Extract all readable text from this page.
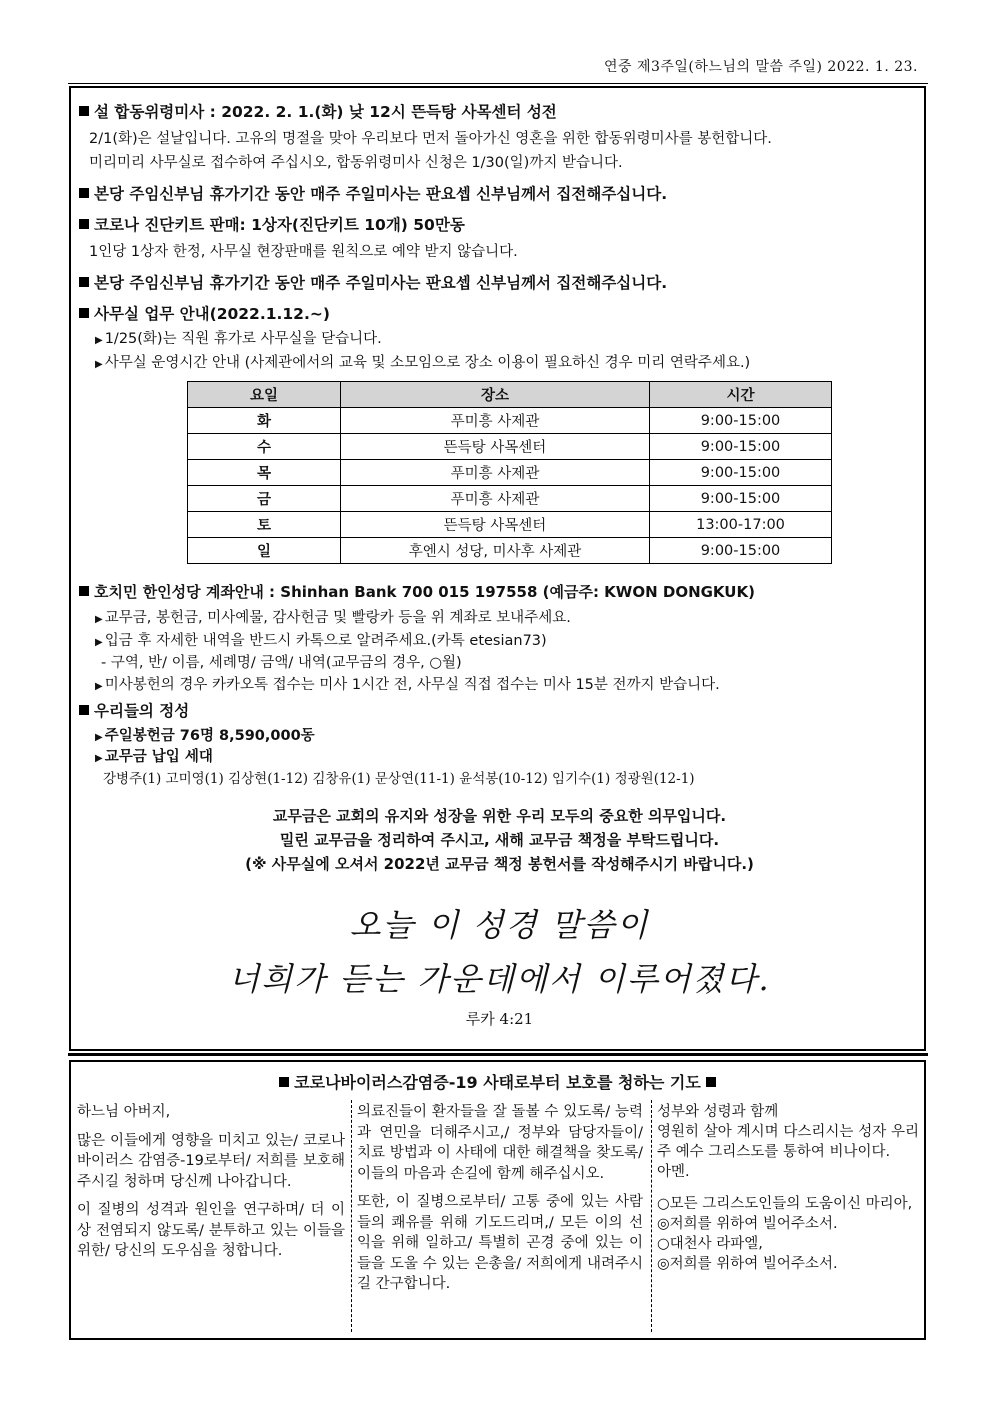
연중 제3주일(하느님의 말씀 주일) 2022. 1. 23.
설 합동위령미사 : 2022. 2. 1.(화) 낮 12시 뜬득탕 사목센터 성전
2/1(화)은 설날입니다. 고유의 명절을 맞아 우리보다 먼저 돌아가신 영혼을 위한 합동위령미사를 봉헌합니다.
미리미리 사무실로 접수하여 주십시오, 합동위령미사 신청은 1/30(일)까지 받습니다.
본당 주임신부님 휴가기간 동안 매주 주일미사는 판요셉 신부님께서 집전해주십니다.
코로나 진단키트 판매: 1상자(진단키트 10개) 50만동
1인당 1상자 한정, 사무실 현장판매를 원칙으로 예약 받지 않습니다.
본당 주임신부님 휴가기간 동안 매주 주일미사는 판요셉 신부님께서 집전해주십니다.
사무실 업무 안내(2022.1.12.~)
▶ 1/25(화)는 직원 휴가로 사무실을 닫습니다.
▶ 사무실 운영시간 안내 (사제관에서의 교육 및 소모임으로 장소 이용이 필요하신 경우 미리 연락주세요.)
요일	장소	시간
화	푸미흥 사제관	9:00-15:00
수	뜬득탕 사목센터	9:00-15:00
목	푸미흥 사제관	9:00-15:00
금	푸미흥 사제관	9:00-15:00
토	뜬득탕 사목센터	13:00-17:00
일	후엔시 성당, 미사후 사제관	9:00-15:00
호치민 한인성당 계좌안내 : Shinhan Bank 700 015 197558 (예금주: KWON DONGKUK)
▶ 교무금, 봉헌금, 미사예물, 감사헌금 및 빨랑카 등을 위 계좌로 보내주세요.
▶ 입금 후 자세한 내역을 반드시 카톡으로 알려주세요.(카톡 etesian73)
- 구역, 반/ 이름, 세례명/ 금액/ 내역(교무금의 경우, ○월)
▶ 미사봉헌의 경우 카카오톡 접수는 미사 1시간 전, 사무실 직접 접수는 미사 15분 전까지 받습니다.
우리들의 정성
▶ 주일봉헌금 76명 8,590,000동
▶ 교무금 납입 세대
강병주(1) 고미영(1) 김상현(1-12) 김창유(1) 문상연(11-1) 윤석봉(10-12) 임기수(1) 정광원(12-1)
교무금은 교회의 유지와 성장을 위한 우리 모두의 중요한 의무입니다.
밀린 교무금을 정리하여 주시고, 새해 교무금 책정을 부탁드립니다.
(※ 사무실에 오셔서 2022년 교무금 책정 봉헌서를 작성해주시기 바랍니다.)
오늘 이 성경 말씀이
너희가 듣는 가운데에서 이루어졌다.
루카 4:21
코로나바이러스감염증-19 사태로부터 보호를 청하는 기도

하느님 아버지,

많은 이들에게 영향을 미치고 있는/ 코로나 바이러스 감염증-19로부터/ 저희를 보호해주시길 청하며 당신께 나아갑니다.

이 질병의 성격과 원인을 연구하며/ 더 이상 전염되지 않도록/ 분투하고 있는 이들을 위한/ 당신의 도우심을 청합니다.

의료진들이 환자들을 잘 돌볼 수 있도록/ 능력과 연민을 더해주시고,/ 정부와 담당자들이/ 치료 방법과 이 사태에 대한 해결책을 찾도록/ 이들의 마음과 손길에 함께 해주십시오.

또한, 이 질병으로부터/ 고통 중에 있는 사람들의 쾌유를 위해 기도드리며,/ 모든 이의 선익을 위해 일하고/ 특별히 곤경 중에 있는 이들을 도울 수 있는 은총을/ 저희에게 내려주시길 간구합니다.

성부와 성령과 함께
영원히 살아 계시며 다스리시는 성자 우리 주 예수 그리스도를 통하여 비나이다.
아멘.
○모든 그리스도인들의 도움이신 마리아,
◎저희를 위하여 빌어주소서.
○대천사 라파엘,
◎저희를 위하여 빌어주소서.
